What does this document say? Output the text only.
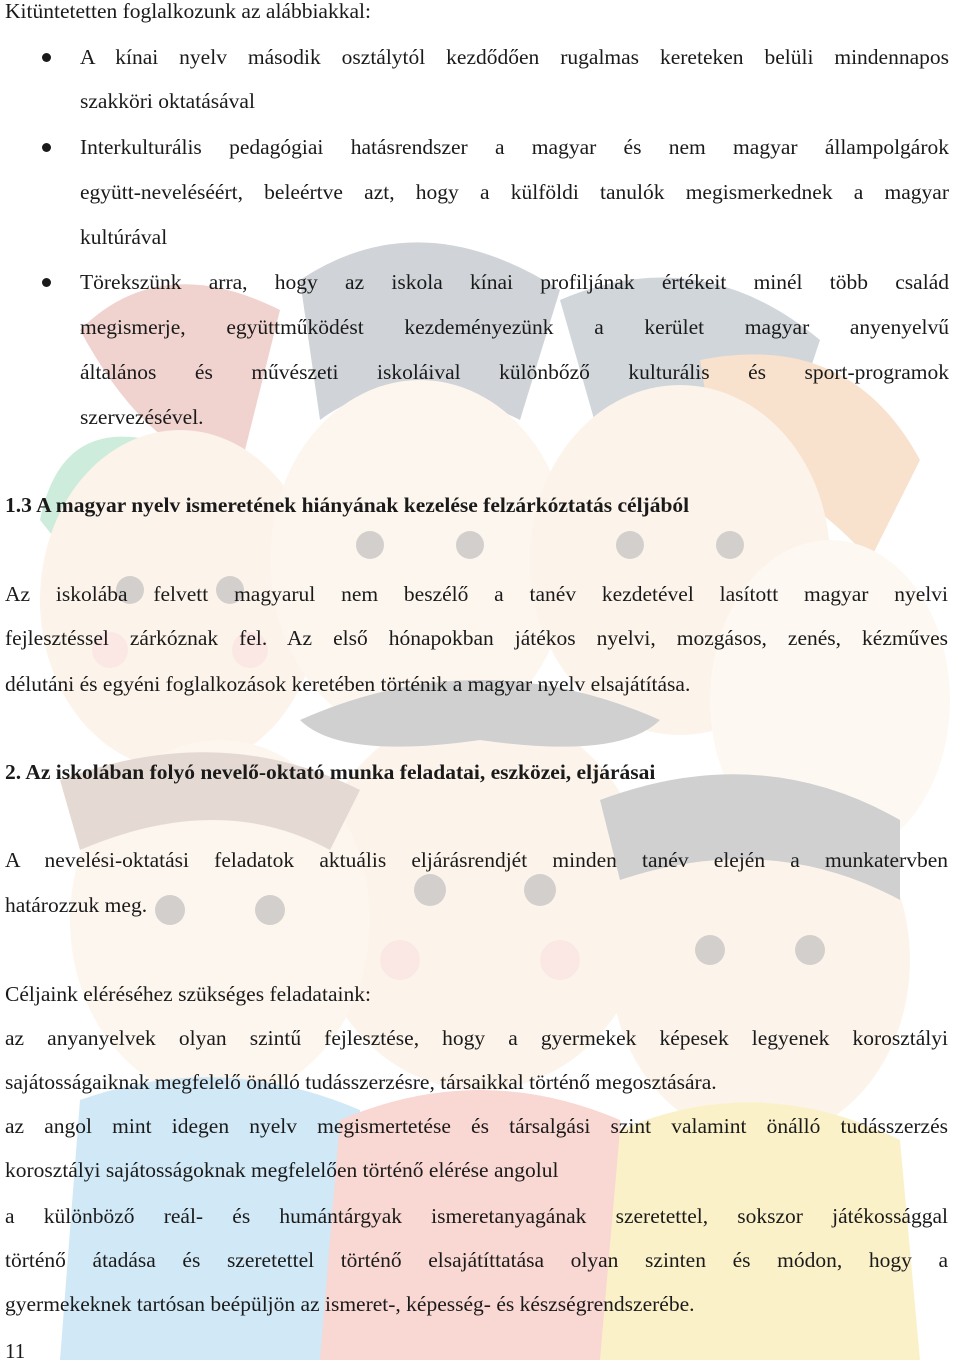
Kitüntetetten foglalkozunk az alábbiakkal:
A kínai nyelv második osztálytól kezdődően rugalmas kereteken belüli mindennapos
szakköri oktatásával
Interkulturális pedagógiai hatásrendszer a magyar és nem magyar állampolgárok
együtt-neveléséért, beleértve azt, hogy a külföldi tanulók megismerkednek a magyar
kultúrával
Törekszünk arra, hogy az iskola kínai profiljának értékeit minél több család
megismerje, együttműködést kezdeményezünk a kerület magyar anyenyelvű
általános és művészeti iskoláival különbőző kulturális és sport-programok
szervezésével.
1.3 A magyar nyelv ismeretének hiányának kezelése felzárkóztatás céljából
Az iskolába felvett magyarul nem beszélő a tanév kezdetével lasított magyar nyelvi
fejlesztéssel zárkóznak fel. Az első hónapokban játékos nyelvi, mozgásos, zenés, kézműves
délutáni és egyéni foglalkozások keretében történik a magyar nyelv elsajátítása.
2. Az iskolában folyó nevelő-oktató munka feladatai, eszközei, eljárásai
A nevelési-oktatási feladatok aktuális eljárásrendjét minden tanév elején a munkatervben
határozzuk meg.
Céljaink eléréséhez szükséges feladataink:
az anyanyelvek olyan szintű fejlesztése, hogy a gyermekek képesek legyenek korosztályi
sajátosságaiknak megfelelő önálló tudásszerzésre, társaikkal történő megosztására.
az angol mint idegen nyelv megismertetése és társalgási szint valamint önálló tudásszerzés
korosztályi sajátosságoknak megfelelően történő elérése angolul
a különböző reál- és humántárgyak ismeretanyagának szeretettel, sokszor játékossággal
történő átadása és szeretettel történő elsajátíttatása olyan szinten és módon, hogy a
gyermekeknek tartósan beépüljön az ismeret-, képesség- és készségrendszerébe.
11
